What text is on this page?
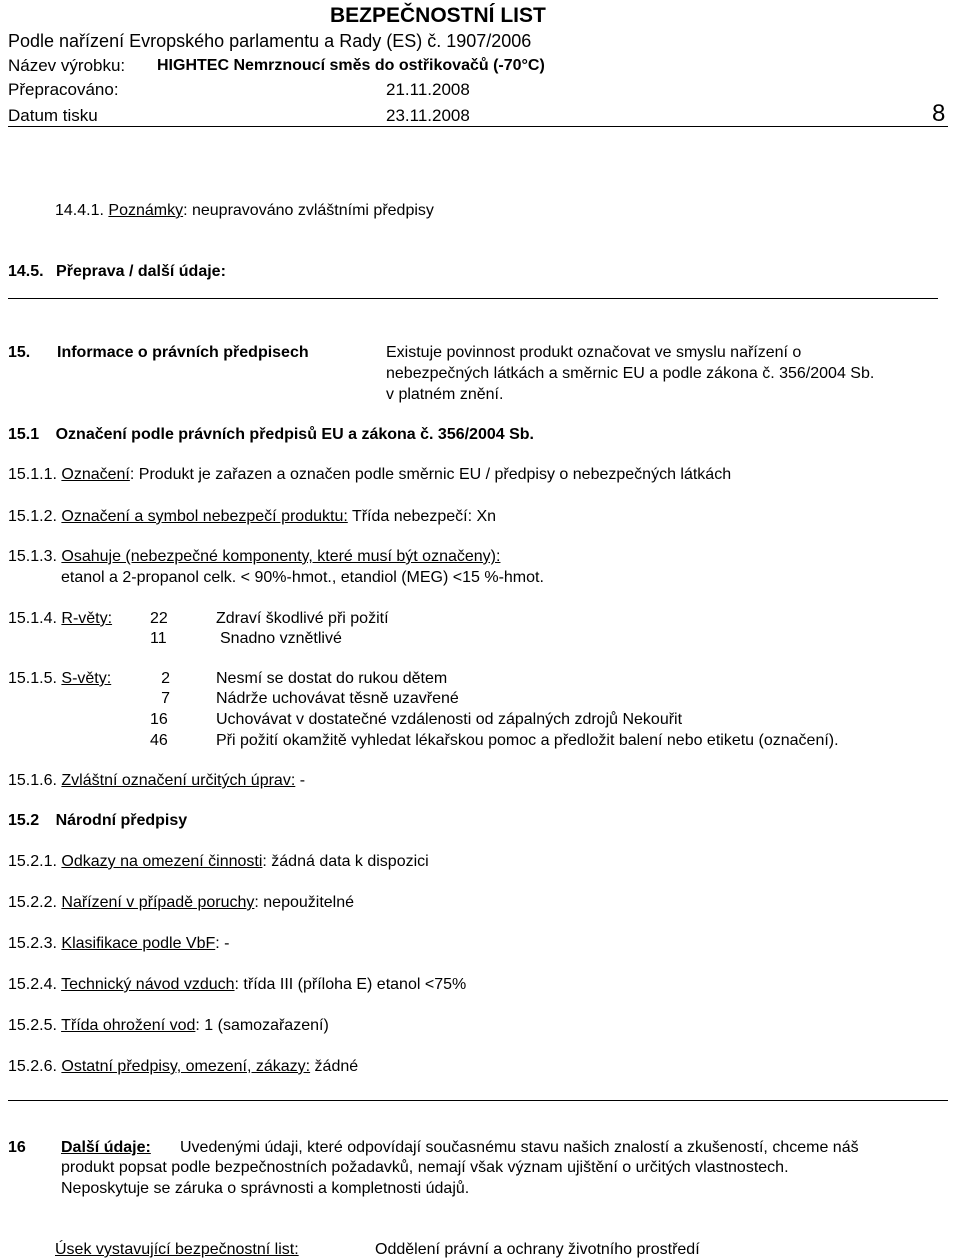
BEZPEČNOSTNÍ LIST
Podle nařízení Evropského parlamentu a Rady (ES) č. 1907/2006
Název výrobku: HIGHTEC Nemrznoucí směs do ostřikovačů (-70°C)
Přepracováno:	21.11.2008
Datum tisku	23.11.2008	8
14.4.1. Poznámky: neupravováno zvláštními předpisy
14.5. Přeprava / další údaje:
15. Informace o právních předpisech	Existuje povinnost produkt označovat ve smyslu nařízení o
nebezpečných látkách a směrnic EU a podle zákona č. 356/2004 Sb.
v platném znění.
15.1 Označení podle právních předpisů EU a zákona č. 356/2004 Sb.
15.1.1. Označení: Produkt je zařazen a označen podle směrnic EU / předpisy o nebezpečných látkách
15.1.2. Označení a symbol nebezpečí produktu: Třída nebezpečí: Xn
15.1.3. Osahuje (nebezpečné komponenty, které musí být označeny):
etanol a 2-propanol celk. < 90%-hmot., etandiol (MEG) <15 %-hmot.
15.1.4. R-věty: 22	Zdraví škodlivé při požití
11	Snadno vznětlivé
15.1.5. S-věty:	2	Nesmí se dostat do rukou dětem
7	Nádrže uchovávat těsně uzavřené
16	Uchovávat v dostatečné vzdálenosti od zápalných zdrojů Nekouřit
46	Při požití okamžitě vyhledat lékařskou pomoc a předložit balení nebo etiketu (označení).
15.1.6. Zvláštní označení určitých úprav: -
15.2 Národní předpisy
15.2.1. Odkazy na omezení činnosti: žádná data k dispozici
15.2.2. Nařízení v případě poruchy: nepoužitelné
15.2.3. Klasifikace podle VbF: -
15.2.4. Technický návod vzduch: třída III (příloha E) etanol <75%
15.2.5. Třída ohrožení vod: 1 (samozařazení)
15.2.6. Ostatní předpisy, omezení, zákazy: žádné
16 Další údaje: Uvedenými údaji, které odpovídají současnému stavu našich znalostí a zkušeností, chceme náš
produkt popsat podle bezpečnostních požadavků, nemají však význam ujištění o určitých vlastnostech.
Neposkytuje se záruka o správnosti a kompletnosti údajů.
Úsek vystavující bezpečnostní list:	Oddělení právní a ochrany životního prostředí
